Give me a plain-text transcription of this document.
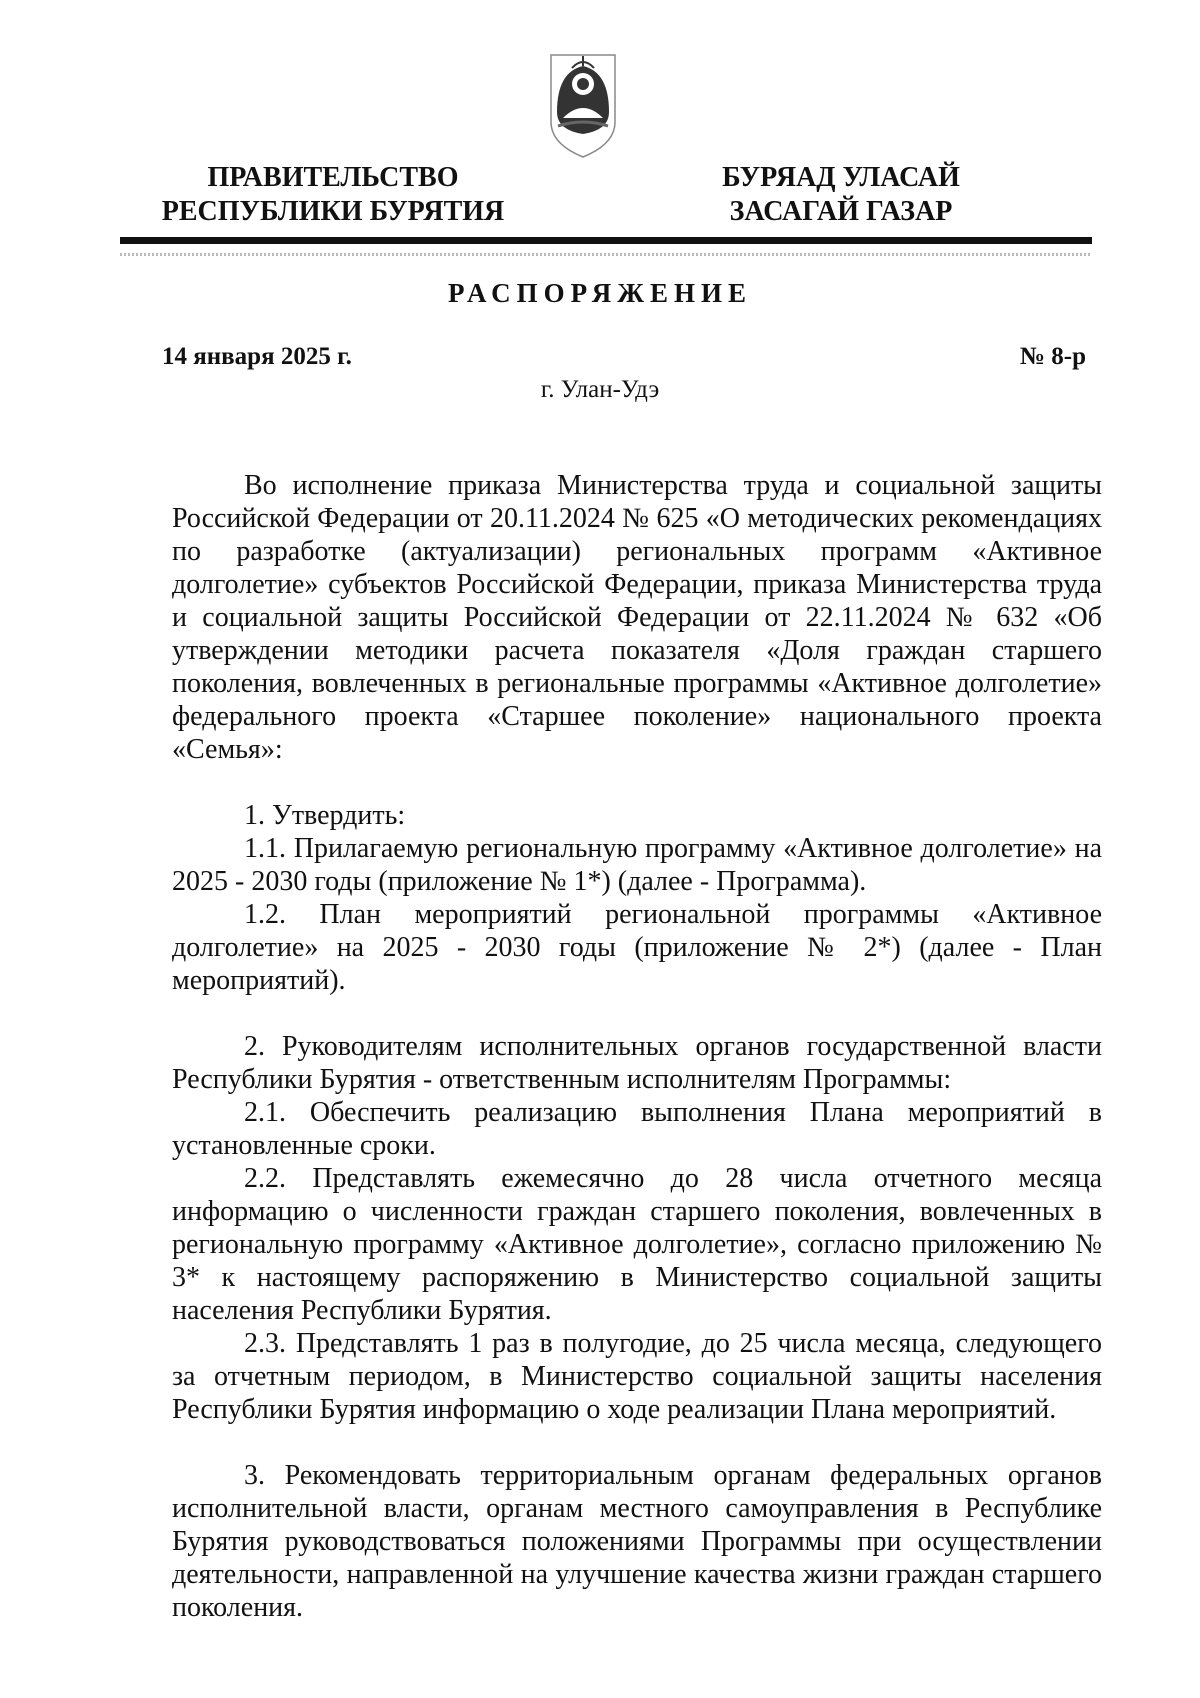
ПРАВИТЕЛЬСТВО
РЕСПУБЛИКИ БУРЯТИЯ
БУРЯАД УЛАСАЙ
ЗАСАГАЙ ГАЗАР
РАСПОРЯЖЕНИЕ
14 января 2025 г.	№ 8-р
г. Улан-Удэ

Во исполнение приказа Министерства труда и социальной защиты Российской Федерации от 20.11.2024 № 625 «О методических рекомендациях по разработке (актуализации) региональных программ «Активное долголетие» субъектов Российской Федерации, приказа Министерства труда и социальной защиты Российской Федерации от 22.11.2024 № 632 «Об утверждении методики расчета показателя «Доля граждан старшего поколения, вовлеченных в региональные программы «Активное долголетие» федерального проекта «Старшее поколение» национального проекта «Семья»:

1. Утвердить:

1.1. Прилагаемую региональную программу «Активное долголетие» на 2025 - 2030 годы (приложение № 1*) (далее - Программа).

1.2. План мероприятий региональной программы «Активное долголетие» на 2025 - 2030 годы (приложение № 2*) (далее - План мероприятий).

2. Руководителям исполнительных органов государственной власти Республики Бурятия - ответственным исполнителям Программы:

2.1. Обеспечить реализацию выполнения Плана мероприятий в установленные сроки.

2.2. Представлять ежемесячно до 28 числа отчетного месяца информацию о численности граждан старшего поколения, вовлеченных в региональную программу «Активное долголетие», согласно приложению № 3* к настоящему распоряжению в Министерство социальной защиты населения Республики Бурятия.

2.3. Представлять 1 раз в полугодие, до 25 числа месяца, следующего за отчетным периодом, в Министерство социальной защиты населения Республики Бурятия информацию о ходе реализации Плана мероприятий.

3. Рекомендовать территориальным органам федеральных органов исполнительной власти, органам местного самоуправления в Республике Бурятия руководствоваться положениями Программы при осуществлении деятельности, направленной на улучшение качества жизни граждан старшего поколения.
